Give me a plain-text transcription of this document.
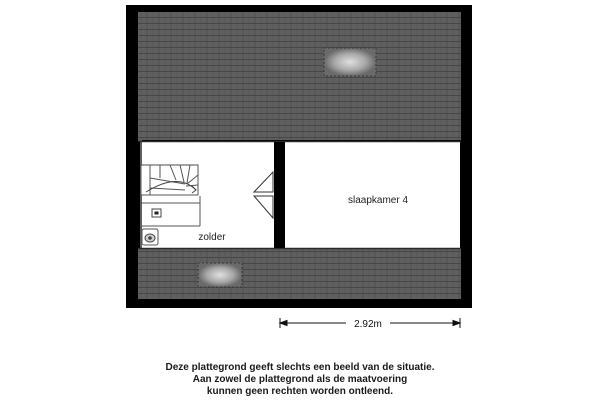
slaapkamer 4
zolder
2.92m
Deze plattegrond geeft slechts een beeld van de situatie.
Aan zowel de plattegrond als de maatvoering
kunnen geen rechten worden ontleend.
